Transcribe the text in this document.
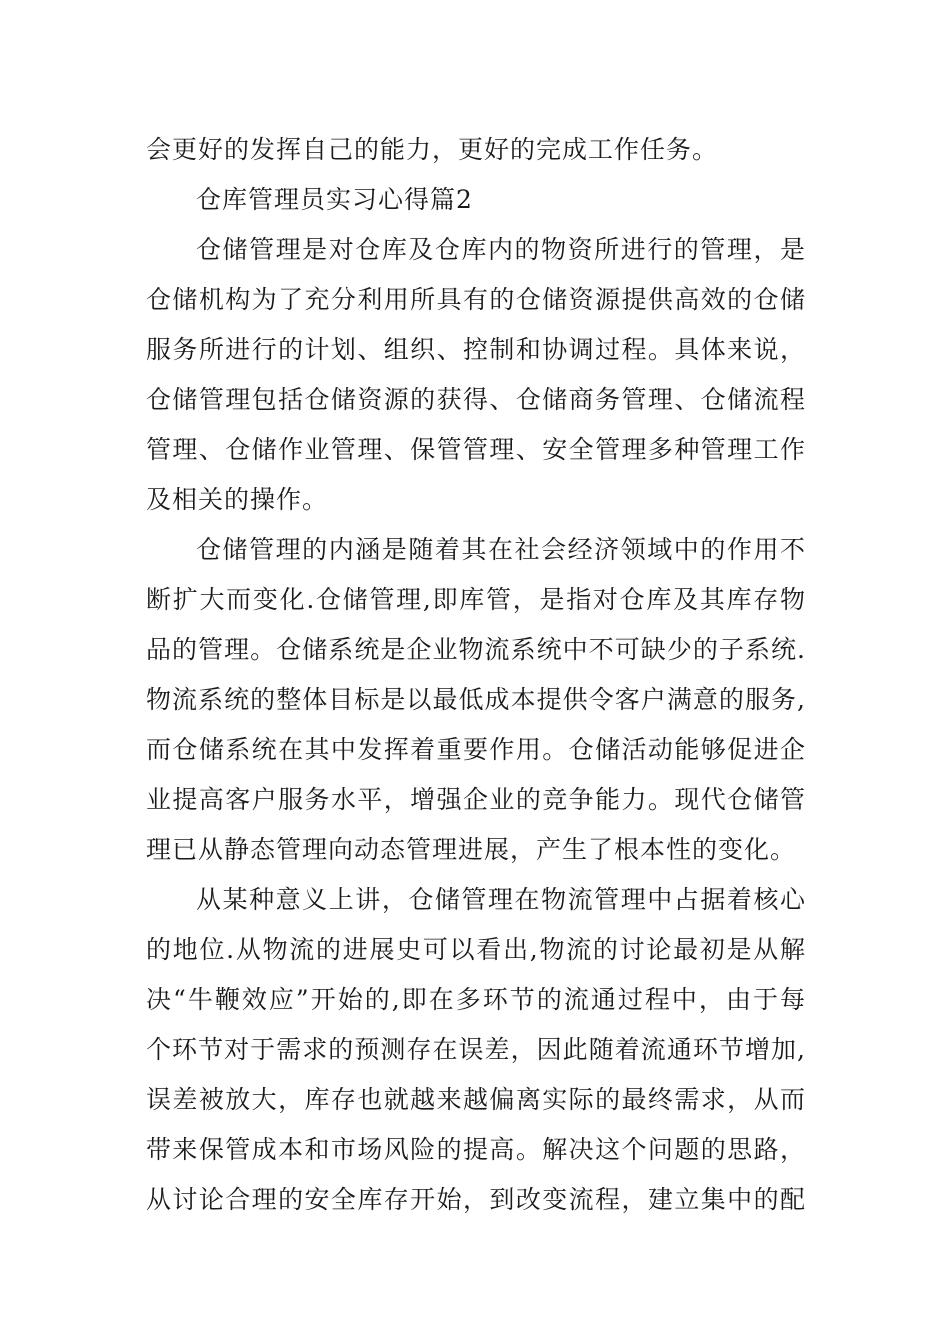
会更好的发挥自己的能力，更好的完成工作任务。
仓库管理员实习心得篇2
仓储管理是对仓库及仓库内的物资所进行的管理，是
仓储机构为了充分利用所具有的仓储资源提供高效的仓储
服务所进行的计划、组织、控制和协调过程。具体来说，
仓储管理包括仓储资源的获得、仓储商务管理、仓储流程
管理、仓储作业管理、保管管理、安全管理多种管理工作
及相关的操作。
仓储管理的内涵是随着其在社会经济领域中的作用不
断扩大而变化.仓储管理,即库管，是指对仓库及其库存物
品的管理。仓储系统是企业物流系统中不可缺少的子系统.
物流系统的整体目标是以最低成本提供令客户满意的服务,
而仓储系统在其中发挥着重要作用。仓储活动能够促进企
业提高客户服务水平，增强企业的竞争能力。现代仓储管
理已从静态管理向动态管理进展，产生了根本性的变化。
从某种意义上讲，仓储管理在物流管理中占据着核心
的地位.从物流的进展史可以看出,物流的讨论最初是从解
决“牛鞭效应”开始的,即在多环节的流通过程中，由于每
个环节对于需求的预测存在误差，因此随着流通环节增加,
误差被放大，库存也就越来越偏离实际的最终需求，从而
带来保管成本和市场风险的提高。解决这个问题的思路，
从讨论合理的安全库存开始，到改变流程，建立集中的配
